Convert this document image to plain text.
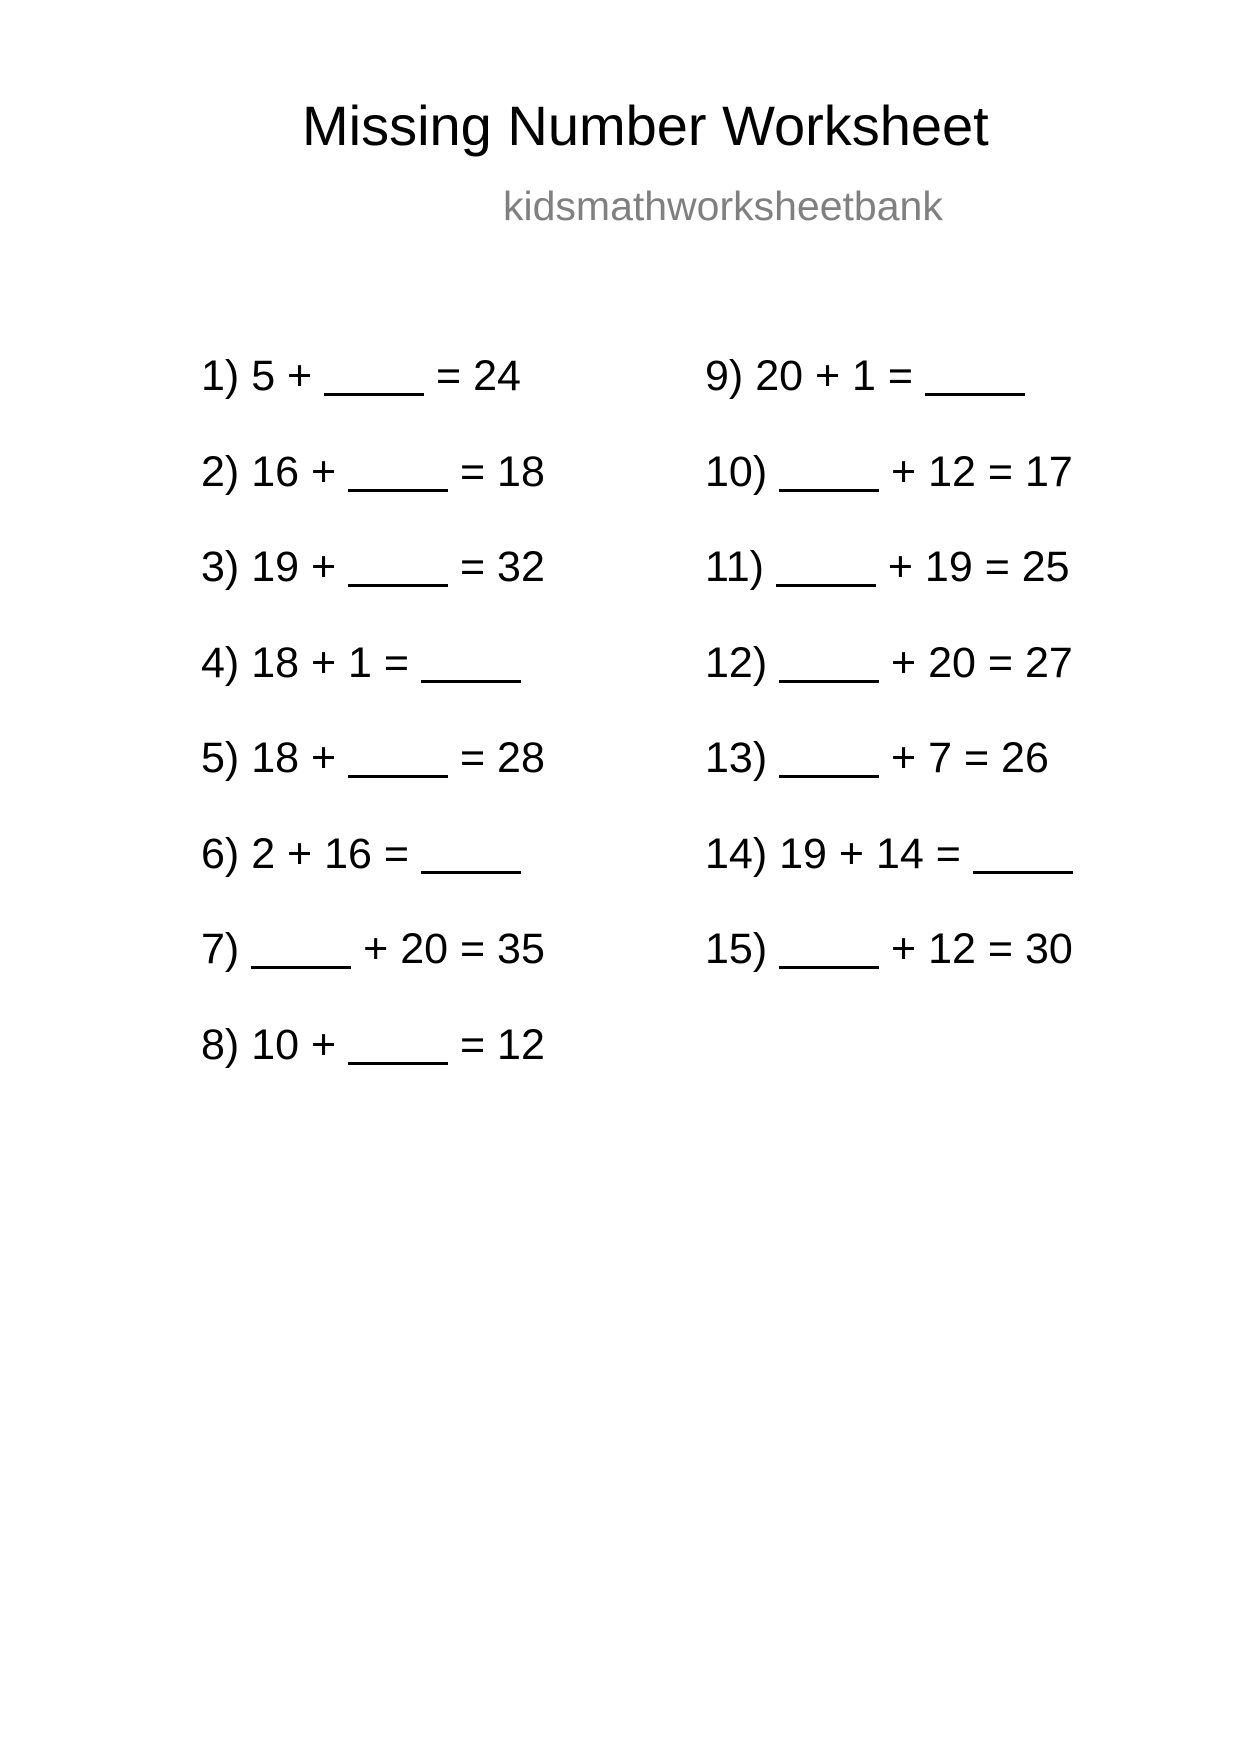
Missing Number Worksheet
kidsmathworksheetbank
1) 5 +  = 24
2) 16 +  = 18
3) 19 +  = 32
4) 18 + 1 =
5) 18 +  = 28
6) 2 + 16 =
7)	+ 20 = 35
8) 10 +  = 12
9) 20 + 1 =
10)	+ 12 = 17
11)	+ 19 = 25
12)	+ 20 = 27
13)	+ 7 = 26
14) 19 + 14 =
15)	+ 12 = 30
